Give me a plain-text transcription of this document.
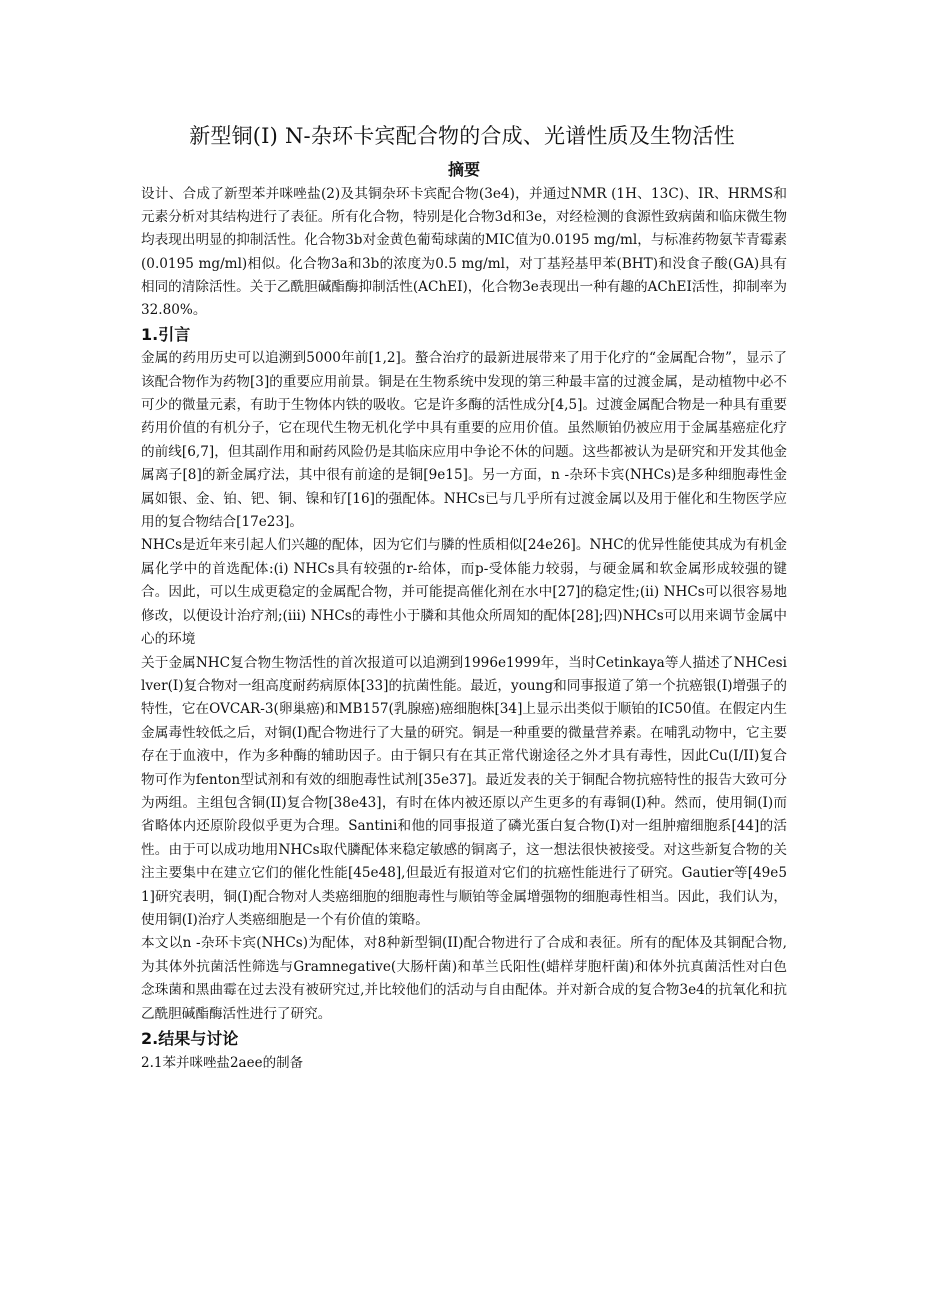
新型铜(I) N-杂环卡宾配合物的合成、光谱性质及生物活性
摘要

设计、合成了新型苯并咪唑盐(2)及其铜杂环卡宾配合物(3e4)，并通过NMR (1H、13C)、IR、HRMS和元素分析对其结构进行了表征。所有化合物，特别是化合物3d和3e，对经检测的食源性致病菌和临床微生物均表现出明显的抑制活性。化合物3b对金黄色葡萄球菌的MIC值为0.0195 mg/ml，与标准药物氨苄青霉素(0.0195 mg/ml)相似。化合物3a和3b的浓度为0.5 mg/ml，对丁基羟基甲苯(BHT)和没食子酸(GA)具有相同的清除活性。关于乙酰胆碱酯酶抑制活性(AChEI)，化合物3e表现出一种有趣的AChEI活性，抑制率为32.80%。

1.引言

金属的药用历史可以追溯到5000年前[1,2]。螯合治疗的最新进展带来了用于化疗的“金属配合物”，显示了该配合物作为药物[3]的重要应用前景。铜是在生物系统中发现的第三种最丰富的过渡金属，是动植物中必不可少的微量元素，有助于生物体内铁的吸收。它是许多酶的活性成分[4,5]。过渡金属配合物是一种具有重要药用价值的有机分子，它在现代生物无机化学中具有重要的应用价值。虽然顺铂仍被应用于金属基癌症化疗的前线[6,7]，但其副作用和耐药风险仍是其临床应用中争论不休的问题。这些都被认为是研究和开发其他金属离子[8]的新金属疗法，其中很有前途的是铜[9e15]。另一方面，n -杂环卡宾(NHCs)是多种细胞毒性金属如银、金、铂、钯、铜、镍和钌[16]的强配体。NHCs已与几乎所有过渡金属以及用于催化和生物医学应用的复合物结合[17e23]。

NHCs是近年来引起人们兴趣的配体，因为它们与膦的性质相似[24e26]。NHC的优异性能使其成为有机金属化学中的首选配体:(i) NHCs具有较强的r-给体，而p-受体能力较弱，与硬金属和软金属形成较强的键合。因此，可以生成更稳定的金属配合物，并可能提高催化剂在水中[27]的稳定性;(ii) NHCs可以很容易地修改，以便设计治疗剂;(iii) NHCs的毒性小于膦和其他众所周知的配体[28];四)NHCs可以用来调节金属中心的环境

关于金属NHC复合物生物活性的首次报道可以追溯到1996e1999年，当时Cetinkaya等人描述了NHCesilver(I)复合物对一组高度耐药病原体[33]的抗菌性能。最近，young和同事报道了第一个抗癌银(I)增强子的特性，它在OVCAR-3(卵巢癌)和MB157(乳腺癌)癌细胞株[34]上显示出类似于顺铂的IC50值。在假定内生金属毒性较低之后，对铜(I)配合物进行了大量的研究。铜是一种重要的微量营养素。在哺乳动物中，它主要存在于血液中，作为多种酶的辅助因子。由于铜只有在其正常代谢途径之外才具有毒性，因此Cu(I/II)复合物可作为fenton型试剂和有效的细胞毒性试剂[35e37]。最近发表的关于铜配合物抗癌特性的报告大致可分为两组。主组包含铜(II)复合物[38e43]，有时在体内被还原以产生更多的有毒铜(I)种。然而，使用铜(I)而省略体内还原阶段似乎更为合理。Santini和他的同事报道了磷光蛋白复合物(I)对一组肿瘤细胞系[44]的活性。由于可以成功地用NHCs取代膦配体来稳定敏感的铜离子，这一想法很快被接受。对这些新复合物的关注主要集中在建立它们的催化性能[45e48],但最近有报道对它们的抗癌性能进行了研究。Gautier等[49e51]研究表明，铜(I)配合物对人类癌细胞的细胞毒性与顺铂等金属增强物的细胞毒性相当。因此，我们认为，使用铜(I)治疗人类癌细胞是一个有价值的策略。

本文以n -杂环卡宾(NHCs)为配体，对8种新型铜(II)配合物进行了合成和表征。所有的配体及其铜配合物,为其体外抗菌活性筛选与Gramnegative(大肠杆菌)和革兰氏阳性(蜡样芽胞杆菌)和体外抗真菌活性对白色念珠菌和黑曲霉在过去没有被研究过,并比较他们的活动与自由配体。并对新合成的复合物3e4的抗氧化和抗乙酰胆碱酯酶活性进行了研究。

2.结果与讨论
2.1苯并咪唑盐2aee的制备
